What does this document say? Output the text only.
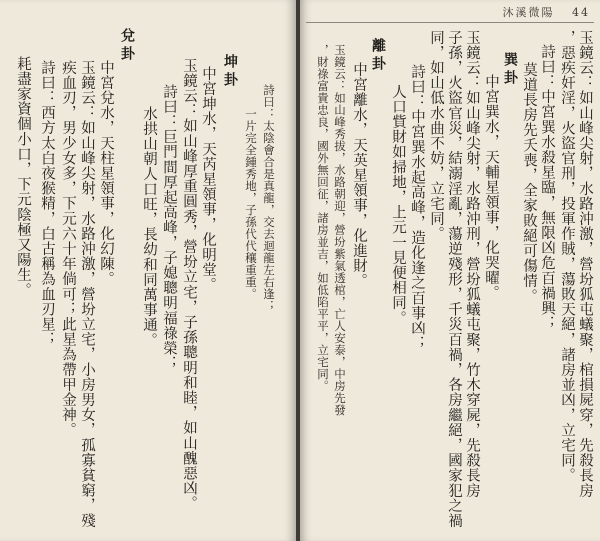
沐溪微陽 44
玉鏡云：如山峰尖射，水路沖激，營坋狐屯蟻聚，棺損屍穿，先殺長房
，惡疾奸淫，火盜官刑，投軍作賊，蕩敗天絕，諸房並凶，立宅同。
詩曰：中宮巽水殺星臨，無限凶危百禍興；
莫道長房先夭喪，全家敗絕可傷情。
巽卦
中宮巽水，天輔星領事，化哭曜。
玉鏡云：如山峰尖射，水路沖刑，營坋狐蟻屯聚，竹木穿屍，先殺長房
子孫，火盜官災，結溺淫亂，蕩逆殘形，千災百禍，各房繼絕，國家犯之禍
同，如山低水曲不妨，立宅同。
詩曰：中宮巽水起高峰，造化逢之百事凶；
人口貲財如掃地，上元一見便相同。
離卦
中宮離水，天英星領事，化進財。
玉鏡云：如山峰秀拔，水路朝迎，營坋紫氣透棺，亡人安泰，中房先發
，財祿富貴忠良，國外無回征，諸房並吉，如低陷平平，立宅同。
詩曰：太陰會合是真龍，交去迴龍左右逢；
一片完全鍾秀地，子孫代代穰重重。
坤卦
中宮坤水，天芮星領事，化明堂。
玉鏡云：如山峰厚重圓秀，營坋立宅，子孫聰明和睦，如山醜惡凶。
詩曰：巨門間厚起高峰，子媳聰明福祿榮；
水拱山朝人口旺，長幼和同萬事通。
兌卦
中宮兌水，天柱星領事，化幻陳。
玉鏡云：如山峰尖射，水路沖激，營坋立宅，小房男女，孤寡貧窮，殘
疾血刃，男少女多，下元六十年倘可；此星為帶甲金神。
詩曰：西方太白夜猴精，白古稱為血刃星；
耗盡家資個小口，下元陰極又陽生。
